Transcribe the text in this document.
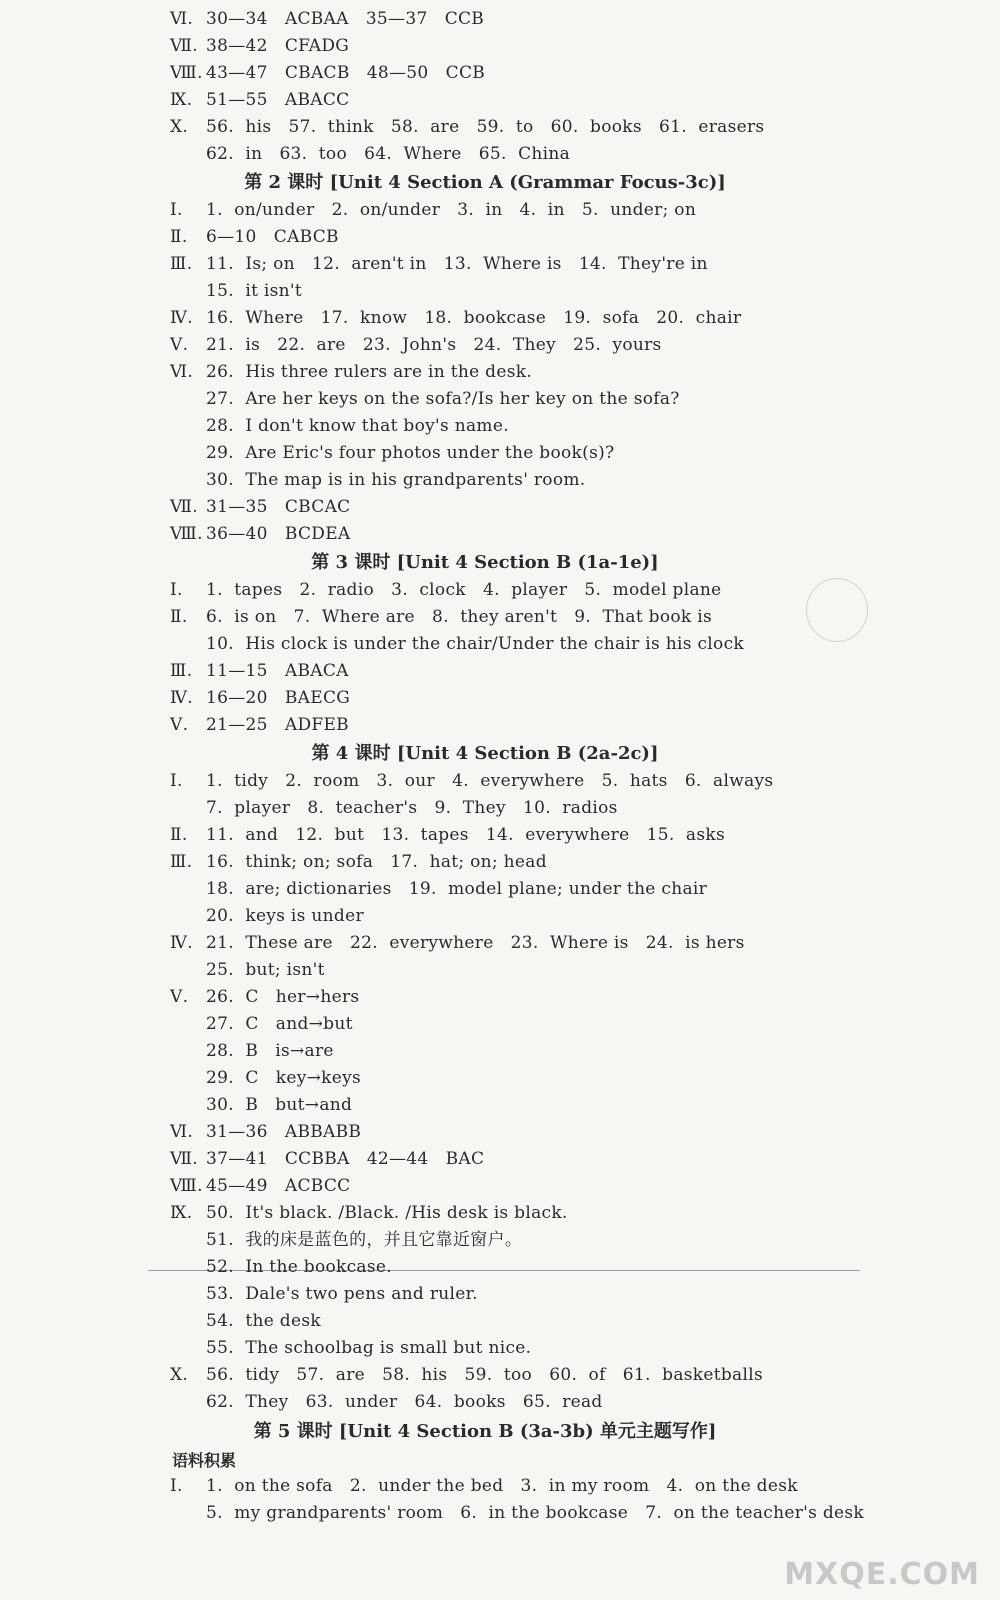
语料积累
MXQE.COM
Ⅵ. 30—34   ACBAA   35—37   CCB
Ⅶ. 38—42   CFADG
Ⅷ. 43—47   CBACB   48—50   CCB
Ⅸ. 51—55   ABACC
Ⅹ.	56.  his   57.  think   58.  are   59.  to   60.  books   61.  erasers
62.  in   63.  too   64.  Where   65.  China
Ⅰ.	1.  on/under   2.  on/under   3.  in   4.  in   5.  under; on
Ⅱ.	6—10   CABCB
Ⅲ. 11.  Is; on   12.  aren't in   13.  Where is   14.  They're in
15.  it isn't
Ⅳ. 16.  Where   17.  know   18.  bookcase   19.  sofa   20.  chair
Ⅴ.	21.  is   22.  are   23.  John's   24.  They   25.  yours
Ⅵ. 26.  His three rulers are in the desk.
27.  Are her keys on the sofa?/Is her key on the sofa?
28.  I don't know that boy's name.
29.  Are Eric's four photos under the book(s)?
30.  The map is in his grandparents' room.
Ⅶ. 31—35   CBCAC
Ⅷ. 36—40   BCDEA
Ⅰ.	1.  tapes   2.  radio   3.  clock   4.  player   5.  model plane
Ⅱ.	6.  is on   7.  Where are   8.  they aren't   9.  That book is
10.  His clock is under the chair/Under the chair is his clock
Ⅲ. 11—15   ABACA
Ⅳ. 16—20   BAECG
Ⅴ.	21—25   ADFEB
Ⅰ.	1.  tidy   2.  room   3.  our   4.  everywhere   5.  hats   6.  always
7.  player   8.  teacher's   9.  They   10.  radios
Ⅱ.	11.  and   12.  but   13.  tapes   14.  everywhere   15.  asks
Ⅲ. 16.  think; on; sofa   17.  hat; on; head
18.  are; dictionaries   19.  model plane; under the chair
20.  keys is under
Ⅳ. 21.  These are   22.  everywhere   23.  Where is   24.  is hers
25.  but; isn't
Ⅴ.	26.  C   her→hers
27.  C   and→but
28.  B   is→are
29.  C   key→keys
30.  B   but→and
Ⅵ. 31—36   ABBABB
Ⅶ. 37—41   CCBBA   42—44   BAC
Ⅷ. 45—49   ACBCC
Ⅸ. 50.  It's black. /Black. /His desk is black.
51.  我的床是蓝色的，并且它靠近窗户。
52.  In the bookcase.
53.  Dale's two pens and ruler.
54.  the desk
55.  The schoolbag is small but nice.
Ⅹ.	56.  tidy   57.  are   58.  his   59.  too   60.  of   61.  basketballs
62.  They   63.  under   64.  books   65.  read
Ⅰ.	1.  on the sofa   2.  under the bed   3.  in my room   4.  on the desk
5.  my grandparents' room   6.  in the bookcase   7.  on the teacher's desk
第 2 课时 [Unit 4 Section A (Grammar Focus-3c)]
第 3 课时 [Unit 4 Section B (1a-1e)]
第 4 课时 [Unit 4 Section B (2a-2c)]
第 5 课时 [Unit 4 Section B (3a-3b) 单元主题写作]
